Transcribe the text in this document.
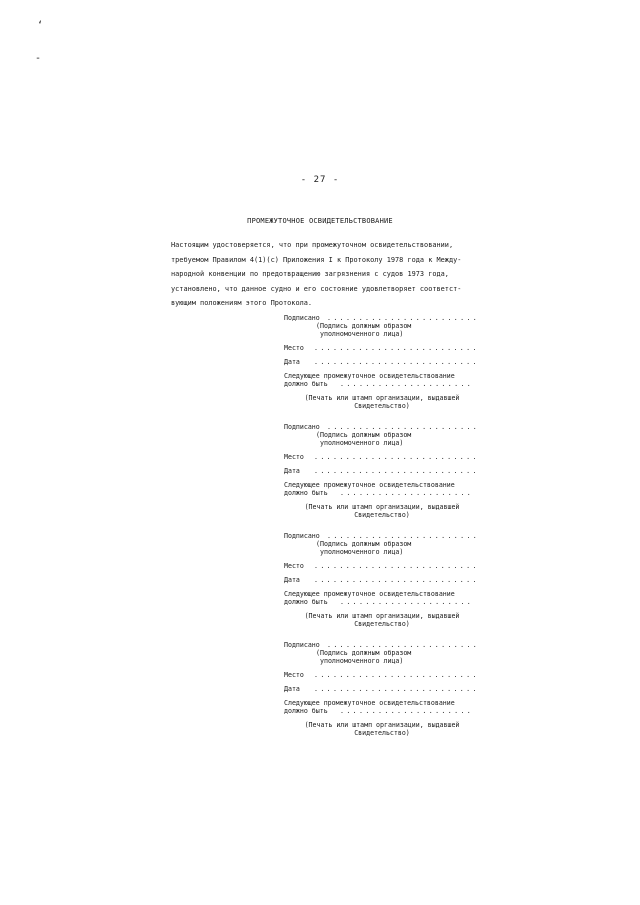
‘
-
- 27 -
ПРОМЕЖУТОЧНОЕ ОСВИДЕТЕЛЬСТВОВАНИЕ
Настоящим удостоверяется, что при промежуточном освидетельствовании,
требуемом Правилом 4(1)(с) Приложения I к Протоколу 1978 года к Между-
народной конвенции по предотвращению загрязнения с судов 1973 года,
установлено, что данное судно и его состояние удовлетворяет соответст-
вующим положениям этого Протокола.
Подписано
. . .
(Подпись должным образом
уполномоченного лица)
Место
. . .
Дата
. . .
Следующее промежуточное освидетельствование
должно быть
. . .
(Печать или штамп организации, выдавшей
Свидетельство)
Подписано
. . .
(Подпись должным образом
уполномоченного лица)
Место
. . .
Дата
. . .
Следующее промежуточное освидетельствование
должно быть
. . .
(Печать или штамп организации, выдавшей
Свидетельство)
Подписано
. . .
(Подпись должным образом
уполномоченного лица)
Место
. . .
Дата
. . .
Следующее промежуточное освидетельствование
должно быть
. . .
(Печать или штамп организации, выдавшей
Свидетельство)
Подписано
. . .
(Подпись должным образом
уполномоченного лица)
Место
. . .
Дата
. . .
Следующее промежуточное освидетельствование
должно быть
. . .
(Печать или штамп организации, выдавшей
Свидетельство)
